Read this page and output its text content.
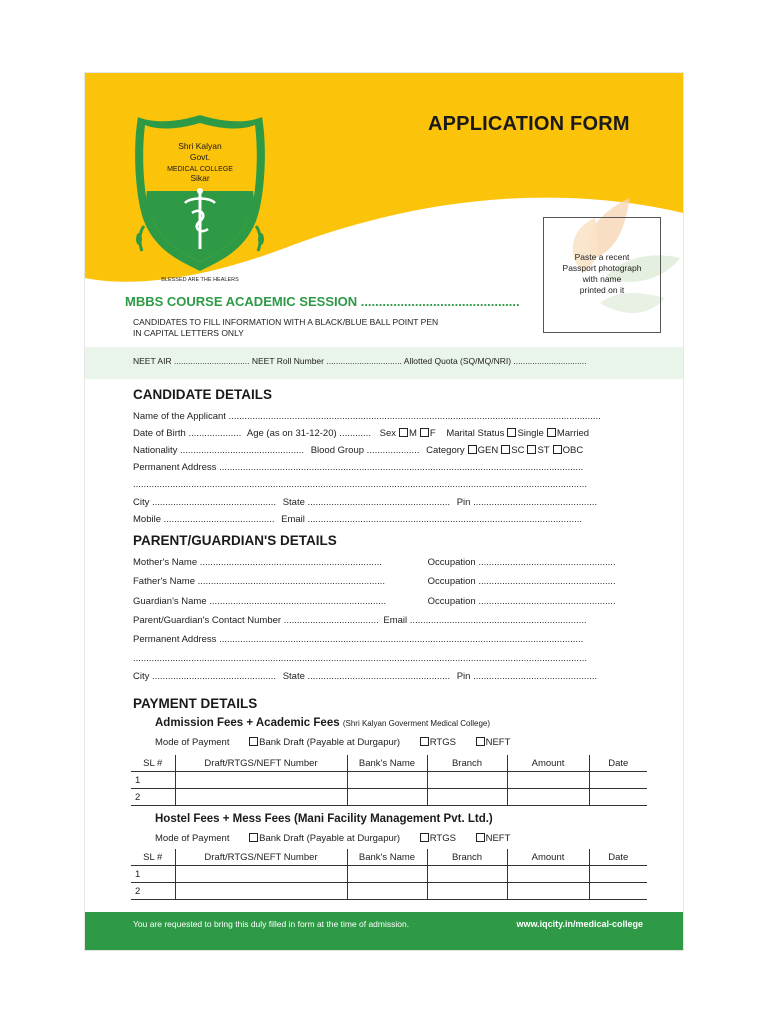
Shri Kalyan
Govt.
MEDICAL COLLEGE
Sikar
BLESSED ARE THE HEALERS
APPLICATION FORM
Paste a recent
Passport photograph
with name
printed on it
MBBS COURSE ACADEMIC SESSION ............................................
CANDIDATES TO FILL INFORMATION WITH A BLACK/BLUE BALL POINT PEN
IN CAPITAL LETTERS ONLY
NEET AIR ................................ NEET Roll Number ................................ Allotted Quota (SQ/MQ/NRI) ...............................
CANDIDATE DETAILS
Name of the Applicant .............................................................................................................................................
Date of Birth .................... Age (as on 31-12-20) ............ Sex M F Marital Status Single Married
Nationality ............................................... Blood Group .................... Category GEN SC ST OBC
Permanent Address ..........................................................................................................................................
............................................................................................................................................................................
City ............................................... State ...................................................... Pin ...............................................
Mobile .......................................... Email ........................................................................................................
PARENT/GUARDIAN'S DETAILS
Mother's Name .....................................................................	Occupation ....................................................
Father's Name .......................................................................	Occupation ....................................................
Guardian's Name ...................................................................	Occupation ....................................................
Parent/Guardian's Contact Number .................................... Email ...................................................................
Permanent Address ..........................................................................................................................................
............................................................................................................................................................................
City ............................................... State ...................................................... Pin ...............................................
PAYMENT DETAILS
Admission Fees + Academic Fees (Shri Kalyan Goverment Medical College)
Mode of Payment	Bank Draft (Payable at Durgapur)	RTGS	NEFT
SL #	Draft/RTGS/NEFT Number	Bank's Name	Branch	Amount	Date
1					
2					
Hostel Fees + Mess Fees (Mani Facility Management Pvt. Ltd.)
Mode of Payment	Bank Draft (Payable at Durgapur)	RTGS	NEFT
SL #	Draft/RTGS/NEFT Number	Bank's Name	Branch	Amount	Date
1					
2					
You are requested to bring this duly filled in form at the time of admission.	www.iqcity.in/medical-college
